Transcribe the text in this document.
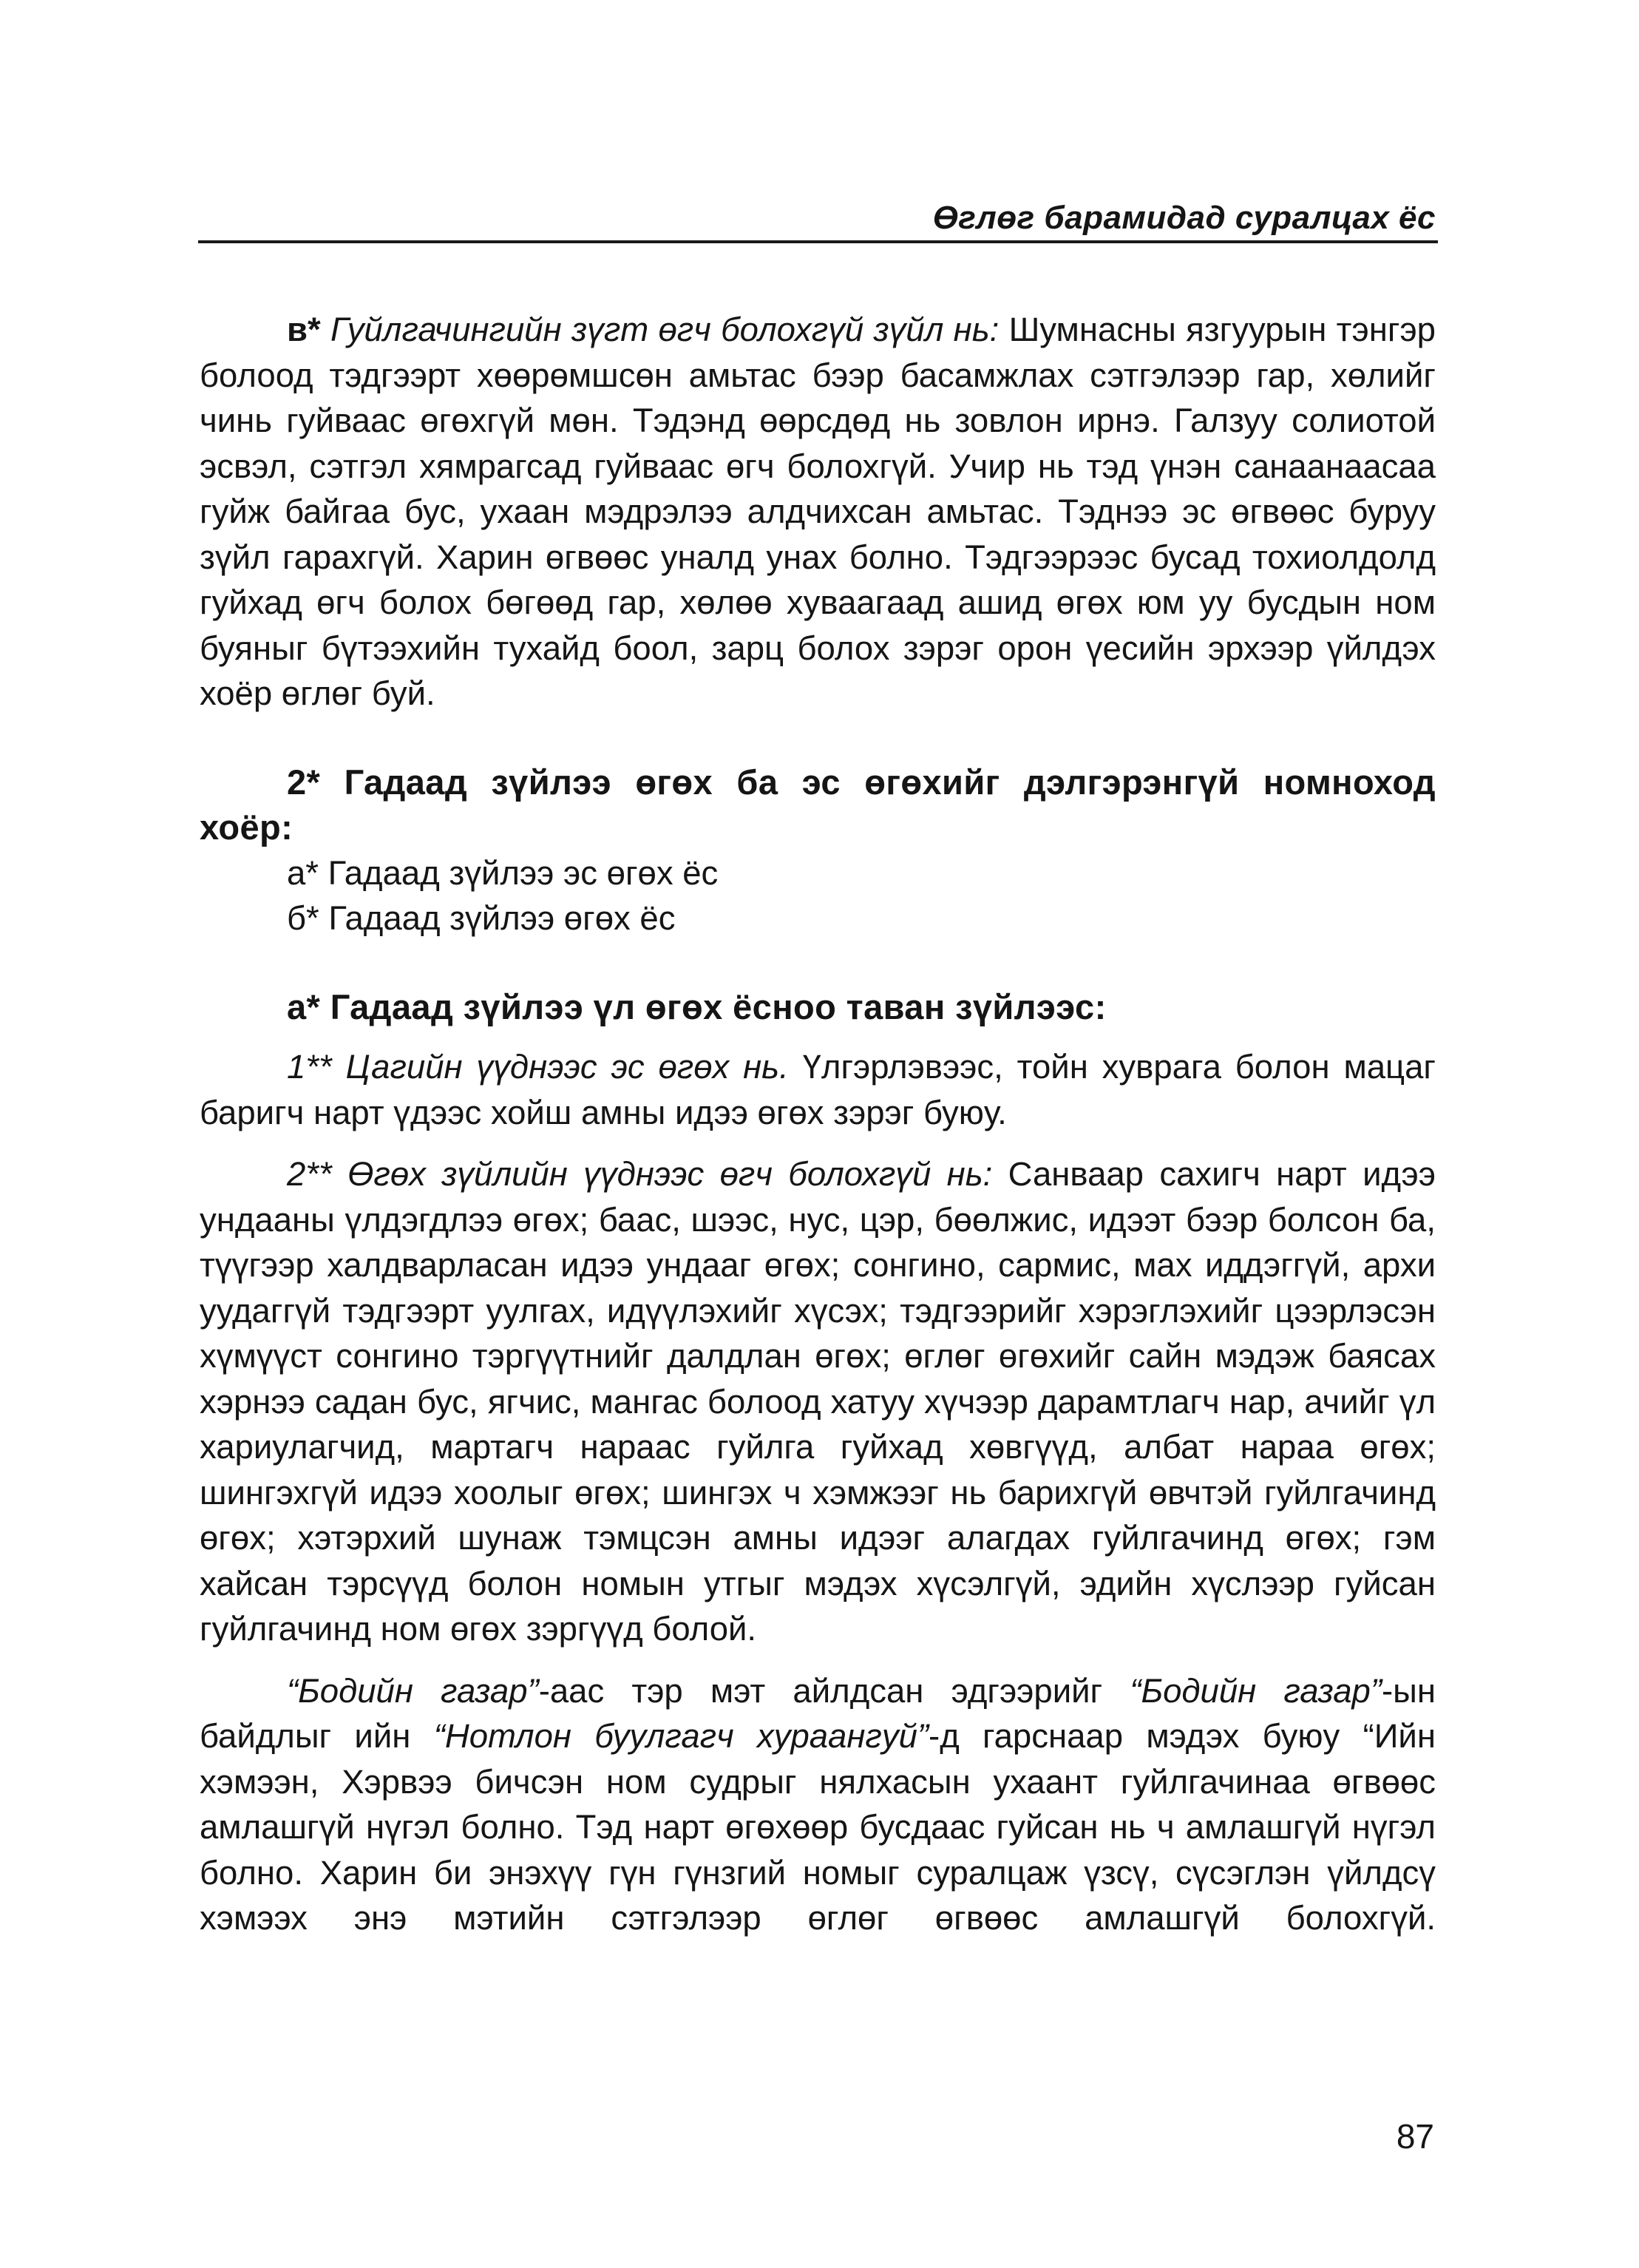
Өглөг барамидад суралцах ёс

в* Гуйлгачингийн зүгт өгч болохгүй зүйл нь: Шумнасны язгуурын тэнгэр болоод тэдгээрт хөөрөмшсөн амьтас бээр басамжлах сэтгэлээр гар, хөлийг чинь гуйваас өгөхгүй мөн. Тэдэнд өөрсдөд нь зовлон ирнэ. Галзуу солиотой эсвэл, сэтгэл хямрагсад гуйваас өгч болохгүй. Учир нь тэд үнэн санаанаасаа гуйж байгаа бус, ухаан мэдрэлээ алдчихсан амьтас. Тэднээ эс өгвөөс буруу зүйл гарахгүй. Харин өгвөөс уналд унах болно. Тэдгээрээс бусад тохиолдолд гуйхад өгч болох бөгөөд гар, хөлөө хуваагаад ашид өгөх юм уу бусдын ном буяныг бүтээхийн тухайд боол, зарц болох зэрэг орон үесийн эрхээр үйлдэх хоёр өглөг буй.

2* Гадаад зүйлээ өгөх ба эс өгөхийг дэлгэрэнгүй номноход

хоёр:

а* Гадаад зүйлээ эс өгөх ёс

б* Гадаад зүйлээ өгөх ёс

а* Гадаад зүйлээ үл өгөх ёсноо таван зүйлээс:

1** Цагийн үүднээс эс өгөх нь. Үлгэрлэвээс, тойн хуврага болон мацаг баригч нарт үдээс хойш амны идээ өгөх зэрэг буюу.

2** Өгөх зүйлийн үүднээс өгч болохгүй нь: Санваар сахигч нарт идээ ундааны үлдэгдлээ өгөх; баас, шээс, нус, цэр, бөөлжис, идээт бээр болсон ба, түүгээр халдварласан идээ ундааг өгөх; сонгино, сармис, мах иддэггүй, архи уудаггүй тэдгээрт уулгах, идүүлэхийг хүсэх; тэдгээрийг хэрэглэхийг цээрлэсэн хүмүүст сонгино тэргүүтнийг далдлан өгөх; өглөг өгөхийг сайн мэдэж баясах хэрнээ садан бус, ягчис, мангас болоод хатуу хүчээр дарамтлагч нар, ачийг үл хариулагчид, мартагч нараас гуйлга гуйхад хөвгүүд, албат нараа өгөх; шингэхгүй идээ хоолыг өгөх; шингэх ч хэмжээг нь барихгүй өвчтэй гуйлгачинд өгөх; хэтэрхий шунаж тэмцсэн амны идээг алагдах гуйлгачинд өгөх; гэм хайсан тэрсүүд болон номын утгыг мэдэх хүсэлгүй, эдийн хүслээр гуйсан гуйлгачинд ном өгөх зэргүүд болой.

“Бодийн газар”-аас тэр мэт айлдсан эдгээрийг “Бодийн газар”-ын байдлыг ийн “Нотлон буулгагч хураангуй”-д гарснаар мэдэх буюу “Ийн хэмээн, Хэрвээ бичсэн ном судрыг нялхасын ухаант гуйлгачинаа өгвөөс амлашгүй нүгэл болно. Тэд нарт өгөхөөр бусдаас гуйсан нь ч амлашгүй нүгэл болно. Харин би энэхүү гүн гүнзгий номыг суралцаж үзсү, сүсэглэн үйлдсү хэмээх энэ мэтийн сэтгэлээр өглөг өгвөөс амлашгүй болохгүй.

87
